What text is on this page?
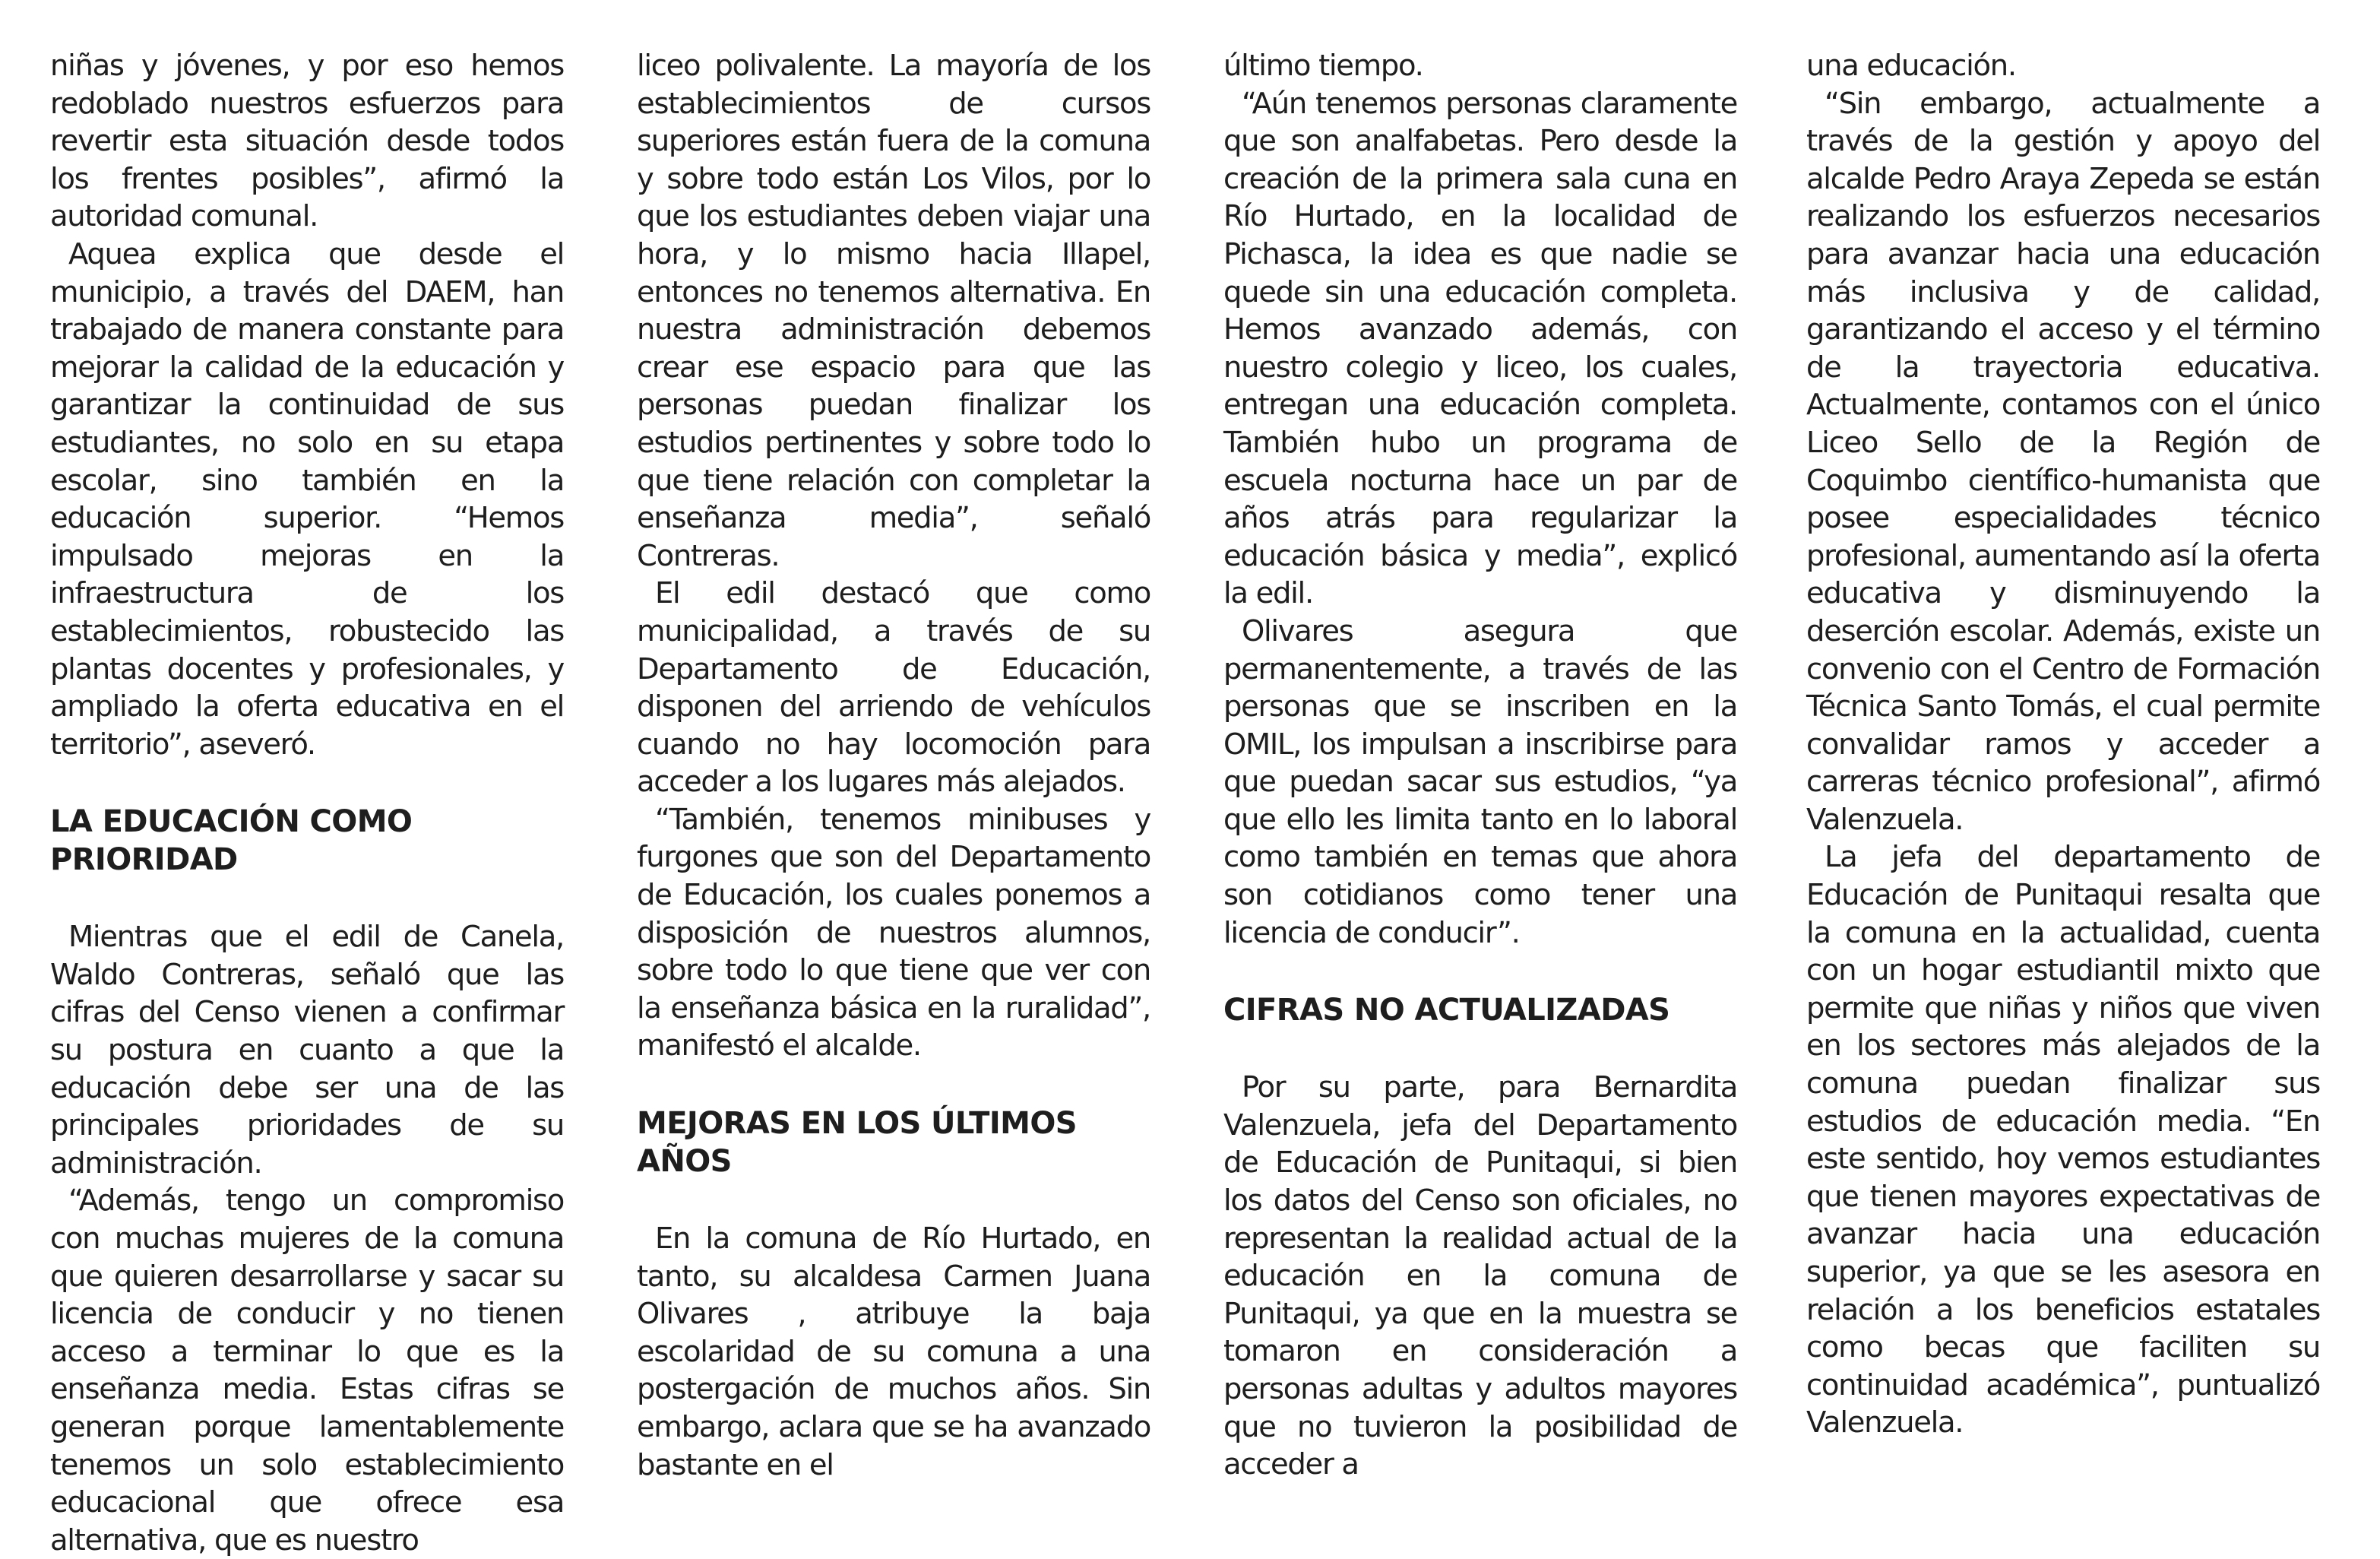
niñas y jóvenes, y por eso hemos redoblado nuestros esfuerzos para revertir esta situación desde todos los frentes posibles”, afirmó la autoridad comunal.

Aquea explica que desde el municipio, a través del DAEM, han trabajado de manera constante para mejorar la calidad de la educación y garantizar la continuidad de sus estudiantes, no solo en su etapa escolar, sino también en la educación superior. “Hemos impulsado mejoras en la infraestructura de los establecimientos, robustecido las plantas docentes y profesionales, y ampliado la oferta educativa en el territorio”, aseveró.

LA EDUCACIÓN COMO PRIORIDAD

Mientras que el edil de Canela, Waldo Contreras, señaló que las cifras del Censo vienen a confirmar su postura en cuanto a que la educación debe ser una de las principales prioridades de su administración.

“Además, tengo un compromiso con muchas mujeres de la comuna que quieren desarrollarse y sacar su licencia de conducir y no tienen acceso a terminar lo que es la enseñanza media. Estas cifras se generan porque lamentablemente tenemos un solo establecimiento educacional que ofrece esa alternativa, que es nuestro

liceo polivalente. La mayoría de los establecimientos de cursos superiores están fuera de la comuna y sobre todo están Los Vilos, por lo que los estudiantes deben viajar una hora, y lo mismo hacia Illapel, entonces no tenemos alternativa. En nuestra administración debemos crear ese espacio para que las personas puedan finalizar los estudios pertinentes y sobre todo lo que tiene relación con completar la enseñanza media”, señaló Contreras.

El edil destacó que como municipalidad, a través de su Departamento de Educación, disponen del arriendo de vehículos cuando no hay locomoción para acceder a los lugares más alejados.

“También, tenemos minibuses y furgones que son del Departamento de Educación, los cuales ponemos a disposición de nuestros alumnos, sobre todo lo que tiene que ver con la enseñanza básica en la ruralidad”, manifestó el alcalde.

MEJORAS EN LOS ÚLTIMOS AÑOS

En la comuna de Río Hurtado, en tanto, su alcaldesa Carmen Juana Olivares , atribuye la baja escolaridad de su comuna a una postergación de muchos años. Sin embargo, aclara que se ha avanzado bastante en el

último tiempo.

“Aún tenemos personas claramente que son analfabetas. Pero desde la creación de la primera sala cuna en Río Hurtado, en la localidad de Pichasca, la idea es que nadie se quede sin una educación completa. Hemos avanzado además, con nuestro colegio y liceo, los cuales, entregan una educación completa. También hubo un programa de escuela nocturna hace un par de años atrás para regularizar la educación básica y media”, explicó la edil.

Olivares asegura que permanentemente, a través de las personas que se inscriben en la OMIL, los impulsan a inscribirse para que puedan sacar sus estudios, “ya que ello les limita tanto en lo laboral como también en temas que ahora son cotidianos como tener una licencia de conducir”.

CIFRAS NO ACTUALIZADAS

Por su parte, para Bernardita Valenzuela, jefa del Departamento de Educación de Punitaqui, si bien los datos del Censo son oficiales, no representan la realidad actual de la educación en la comuna de Punitaqui, ya que en la muestra se tomaron en consideración a personas adultas y adultos mayores que no tuvieron la posibilidad de acceder a

una educación.

“Sin embargo, actualmente a través de la gestión y apoyo del alcalde Pedro Araya Zepeda se están realizando los esfuerzos necesarios para avanzar hacia una educación más inclusiva y de calidad, garantizando el acceso y el término de la trayectoria educativa. Actualmente, contamos con el único Liceo Sello de la Región de Coquimbo científico-humanista que posee especialidades técnico profesional, aumentando así la oferta educativa y disminuyendo la deserción escolar. Además, existe un convenio con el Centro de Formación Técnica Santo Tomás, el cual permite convalidar ramos y acceder a carreras técnico profesional”, afirmó Valenzuela.

La jefa del departamento de Educación de Punitaqui resalta que la comuna en la actualidad, cuenta con un hogar estudiantil mixto que permite que niñas y niños que viven en los sectores más alejados de la comuna puedan finalizar sus estudios de educación media. “En este sentido, hoy vemos estudiantes que tienen mayores expectativas de avanzar hacia una educación superior, ya que se les asesora en relación a los beneficios estatales como becas que faciliten su continuidad académica”, puntualizó Valenzuela.
